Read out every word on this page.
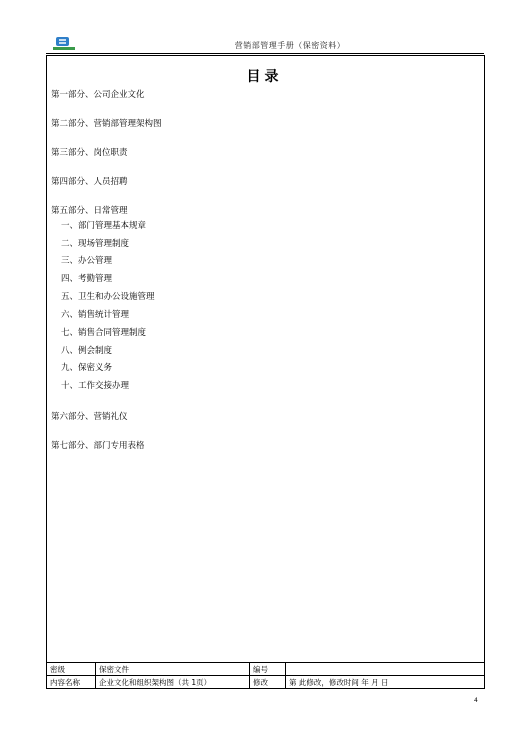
营销部管理手册（保密资料）
目录
第一部分、公司企业文化
第二部分、营销部管理架构图
第三部分、岗位职责
第四部分、人员招聘
第五部分、日常管理
一、部门管理基本规章
二、现场管理制度
三、办公管理
四、考勤管理
五、卫生和办公设施管理
六、销售统计管理
七、销售合同管理制度
八、例会制度
九、保密义务
十、工作交接办理
第六部分、营销礼仪
第七部分、部门专用表格
密级	保密文件	编号	
内容名称	企业文化和组织架构图（共 1页）	修改	第 此修改，修改时间 年 月 日
4
